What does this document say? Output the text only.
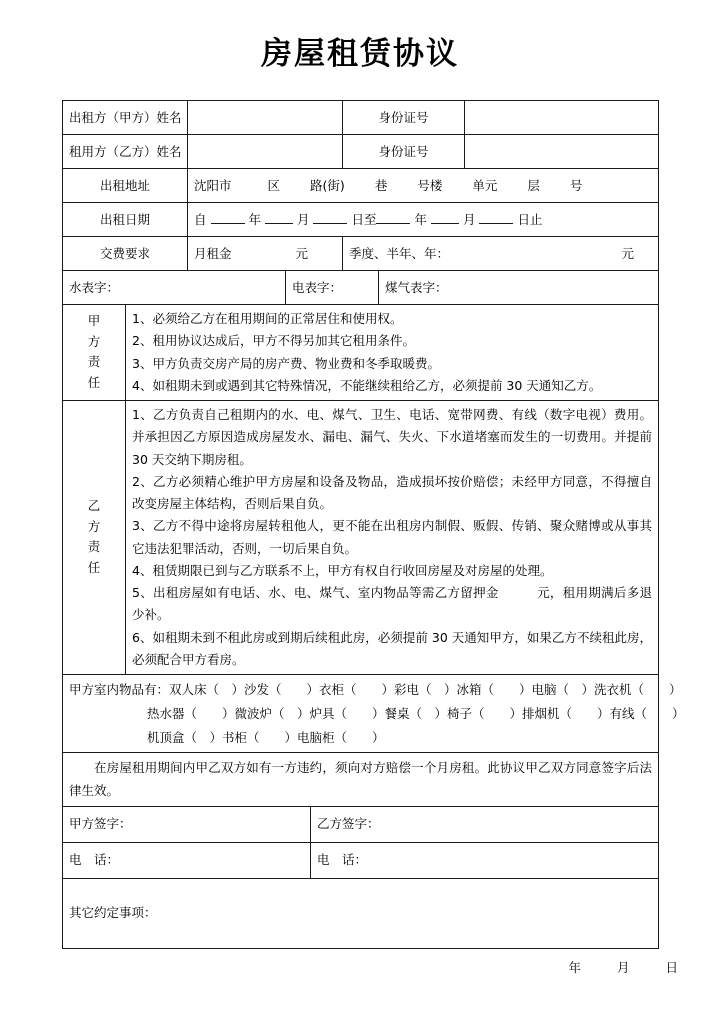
房屋租赁协议
出租方（甲方）姓名					身份证号		
租用方（乙方）姓名					身份证号		
出租地址		沈阳市 区 路(街) 巷 号楼 单元 层 号					
出租日期		自 年 月 日至 年 月 日止					
交费要求		月租金 元			季度、半年、年： 元		

水表字：			电表字：			煤气表字：	

甲
方
责
任

1、必须给乙方在租用期间的正常居住和使用权。

2、租用协议达成后，甲方不得另加其它租用条件。

3、甲方负责交房产局的房产费、物业费和冬季取暖费。

4、如租期未到或遇到其它特殊情况，不能继续租给乙方，必须提前 30 天通知乙方。

乙
方
责
任

1、乙方负责自己租期内的水、电、煤气、卫生、电话、宽带网费、有线（数字电视）费用。并承担因乙方原因造成房屋发水、漏电、漏气、失火、下水道堵塞而发生的一切费用。并提前 30 天交纳下期房租。

2、乙方必须精心维护甲方房屋和设备及物品，造成损坏按价赔偿；未经甲方同意，不得擅自改变房屋主体结构，否则后果自负。

3、乙方不得中途将房屋转租他人，更不能在出租房内制假、贩假、传销、聚众赌博或从事其它违法犯罪活动，否则，一切后果自负。

4、租赁期限已到与乙方联系不上，甲方有权自行收回房屋及对房屋的处理。

5、出租房屋如有电话、水、电、煤气、室内物品等需乙方留押金　　　元，租用期满后多退少补。

6、如租期未到不租此房或到期后续租此房，必须提前 30 天通知甲方，如果乙方不续租此房，必须配合甲方看房。

甲方室内物品有：双人床（　）沙发（　　）衣柜（　　）彩电（　）冰箱（　　）电脑（　）洗衣机（　　）
热水器（　　）微波炉（　）炉具（　　）餐桌（　）椅子（　　）排烟机（　　）有线（　　）
机顶盒（　）书柜（　　）电脑柜（　　）							

在房屋租用期间内甲乙双方如有一方违约，须向对方赔偿一个月房租。此协议甲乙双方同意签字后法律生效。							

甲方签字：				乙方签字：			
电　话：				电　话：			
其它约定事项：							
年	月	日
